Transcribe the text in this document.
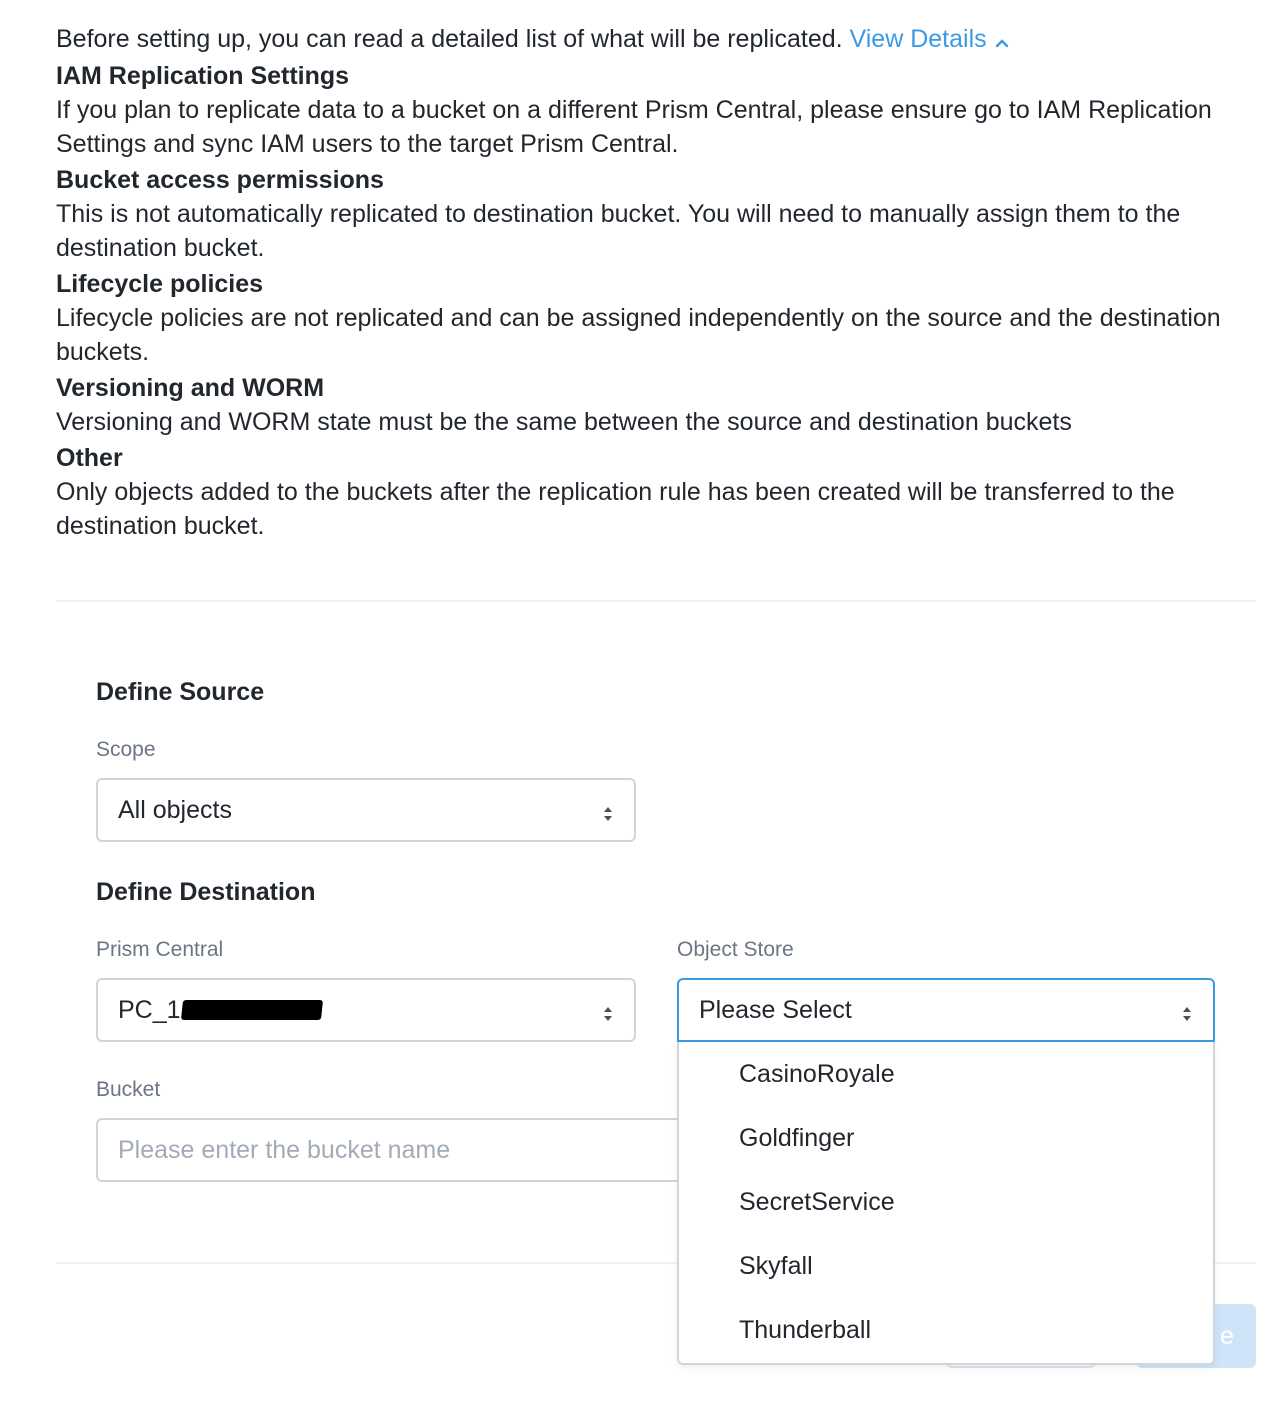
Before setting up, you can read a detailed list of what will be replicated. View Details
IAM Replication Settings

If you plan to replicate data to a bucket on a different Prism Central, please ensure go to IAM Replication Settings and sync IAM users to the target Prism Central.

Bucket access permissions

This is not automatically replicated to destination bucket. You will need to manually assign them to the destination bucket.

Lifecycle policies

Lifecycle policies are not replicated and can be assigned independently on the source and the destination buckets.

Versioning and WORM

Versioning and WORM state must be the same between the source and destination buckets

Other

Only objects added to the buckets after the replication rule has been created will be transferred to the destination bucket.

Define Source
Scope
All objects
Define Destination
Prism Central
PC_1
Object Store
Please Select
Bucket
Please enter the bucket name
e
CasinoRoyale
Goldfinger
SecretService
Skyfall
Thunderball
